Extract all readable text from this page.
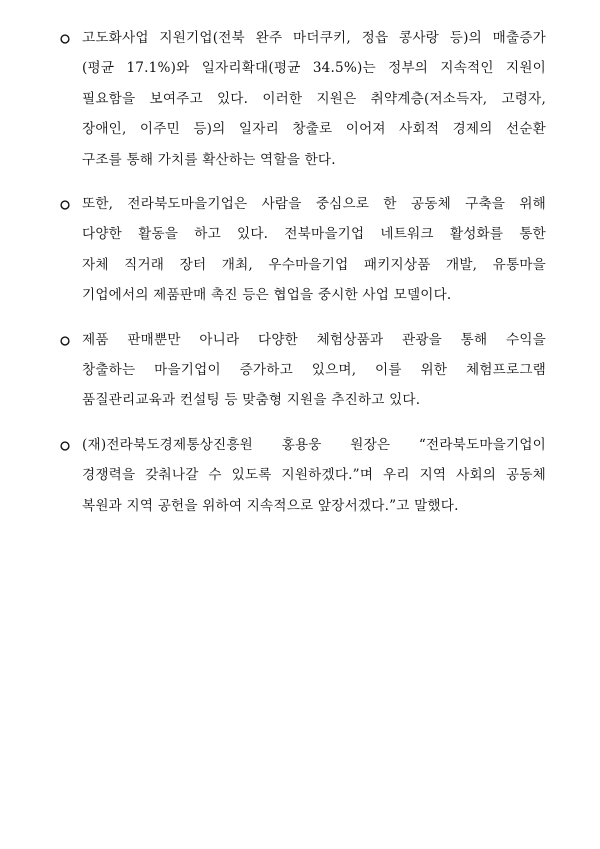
고도화사업 지원기업(전북 완주 마더쿠키, 정읍 콩사랑 등)의 매출증가
(평균 17.1%)와 일자리확대(평균 34.5%)는 정부의 지속적인 지원이
필요함을 보여주고 있다. 이러한 지원은 취약계층(저소득자, 고령자,
장애인, 이주민 등)의 일자리 창출로 이어져 사회적 경제의 선순환
구조를 통해 가치를 확산하는 역할을 한다.
또한, 전라북도마을기업은 사람을 중심으로 한 공동체 구축을 위해
다양한 활동을 하고 있다. 전북마을기업 네트워크 활성화를 통한
자체 직거래 장터 개최, 우수마을기업 패키지상품 개발, 유통마을
기업에서의 제품판매 촉진 등은 협업을 중시한 사업 모델이다.
제품 판매뿐만 아니라 다양한 체험상품과 관광을 통해 수익을
창출하는 마을기업이 증가하고 있으며, 이를 위한 체험프로그램
품질관리교육과 컨설팅 등 맞춤형 지원을 추진하고 있다.
(재)전라북도경제통상진흥원 홍용웅 원장은 “전라북도마을기업이
경쟁력을 갖춰나갈 수 있도록 지원하겠다.”며 우리 지역 사회의 공동체
복원과 지역 공헌을 위하여 지속적으로 앞장서겠다.”고 말했다.
